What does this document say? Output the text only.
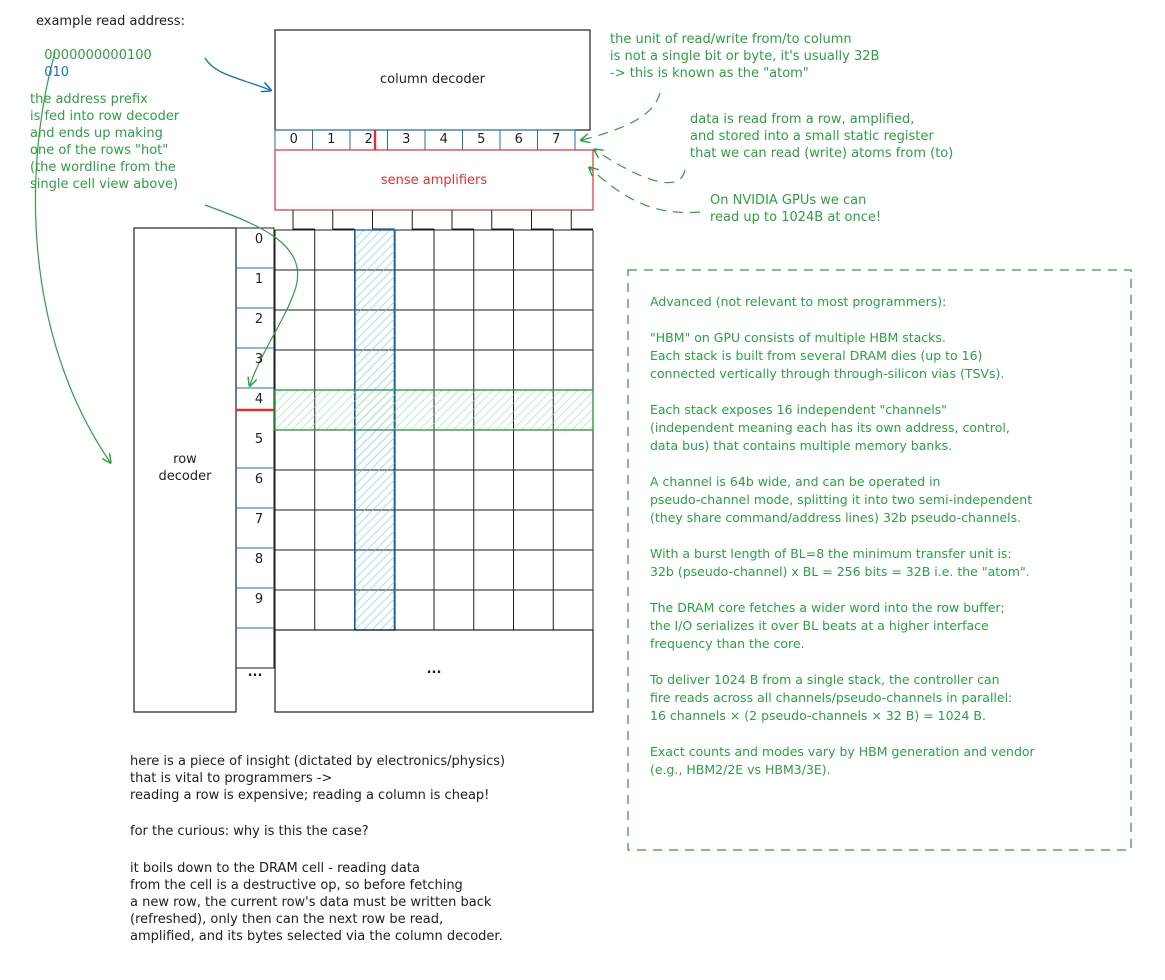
example read address:

0000000000100
010	column decoder
0	1	2	3	4	5	6	7
sense amplifiers
row
decoder
0
1
2
3
4
5
6
7
8
9
...	...
the unit of read/write from/to column
is not a single bit or byte, it's usually 32B
-> this is known as the "atom"
data is read from a row, amplified,
and stored into a small static register
that we can read (write) atoms from (to)
On NVIDIA GPUs we can
read up to 1024B at once!
the address prefix
is fed into row decoder
and ends up making
one of the rows "hot"
(the wordline from the
single cell view above)
Advanced (not relevant to most programmers):
"HBM" on GPU consists of multiple HBM stacks.
Each stack is built from several DRAM dies (up to 16)
connected vertically through through-silicon vias (TSVs).
Each stack exposes 16 independent "channels"
(independent meaning each has its own address, control,
data bus) that contains multiple memory banks.
A channel is 64b wide, and can be operated in
pseudo-channel mode, splitting it into two semi-independent
(they share command/address lines) 32b pseudo-channels.
With a burst length of BL=8 the minimum transfer unit is:
32b (pseudo-channel) x BL = 256 bits = 32B i.e. the "atom".
The DRAM core fetches a wider word into the row buffer;
the I/O serializes it over BL beats at a higher interface
frequency than the core.
To deliver 1024 B from a single stack, the controller can
fire reads across all channels/pseudo-channels in parallel:
16 channels × (2 pseudo-channels × 32 B) = 1024 B.
Exact counts and modes vary by HBM generation and vendor
(e.g., HBM2/2E vs HBM3/3E).
here is a piece of insight (dictated by electronics/physics)
that is vital to programmers ->
reading a row is expensive; reading a column is cheap!
for the curious: why is this the case?
it boils down to the DRAM cell - reading data
from the cell is a destructive op, so before fetching
a new row, the current row's data must be written back
(refreshed), only then can the next row be read,
amplified, and its bytes selected via the column decoder.
